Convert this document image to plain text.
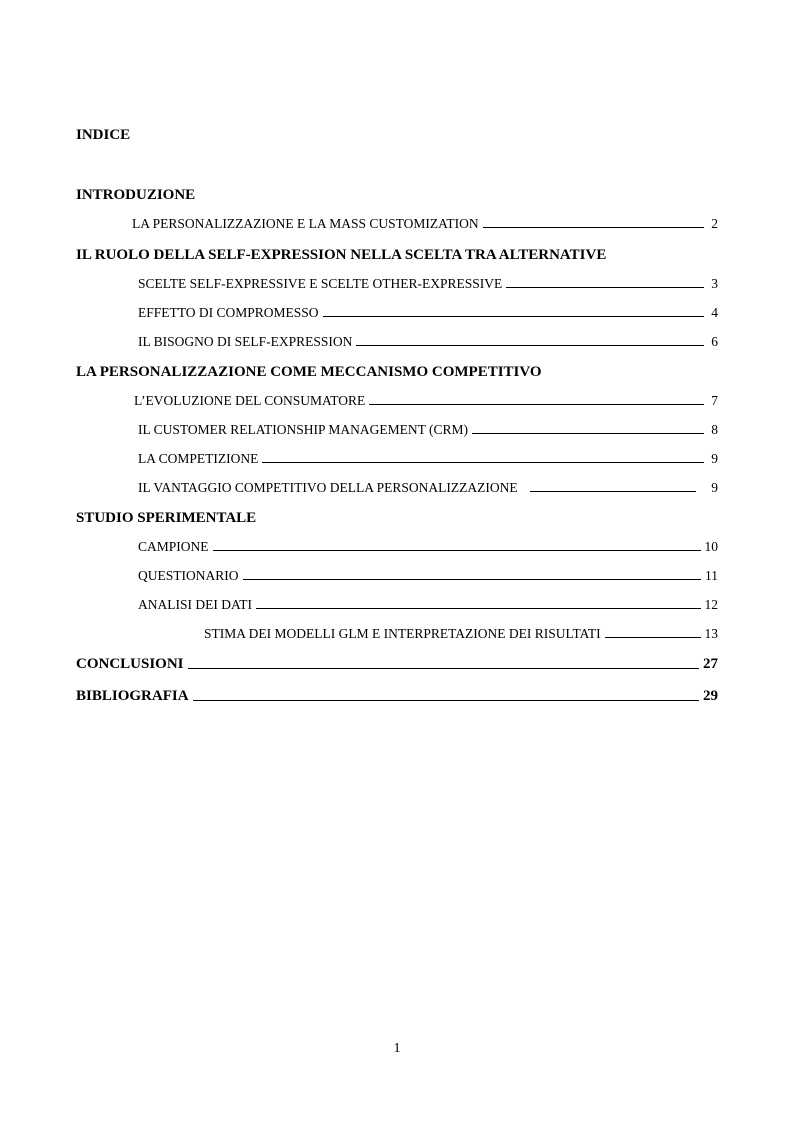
INDICE
INTRODUZIONE
LA PERSONALIZZAZIONE E LA MASS CUSTOMIZATION	2
IL RUOLO DELLA SELF-EXPRESSION NELLA SCELTA TRA ALTERNATIVE
SCELTE SELF-EXPRESSIVE E SCELTE OTHER-EXPRESSIVE	3
EFFETTO DI COMPROMESSO	4
IL BISOGNO DI SELF-EXPRESSION	6
LA PERSONALIZZAZIONE COME MECCANISMO COMPETITIVO
L’EVOLUZIONE DEL CONSUMATORE	7
IL CUSTOMER RELATIONSHIP MANAGEMENT (CRM)	8
LA COMPETIZIONE	9
IL VANTAGGIO COMPETITIVO DELLA PERSONALIZZAZIONE	9
STUDIO SPERIMENTALE
CAMPIONE	10
QUESTIONARIO	11
ANALISI DEI DATI	12
STIMA DEI MODELLI GLM E INTERPRETAZIONE DEI RISULTATI	13
CONCLUSIONI	27
BIBLIOGRAFIA	29
1
